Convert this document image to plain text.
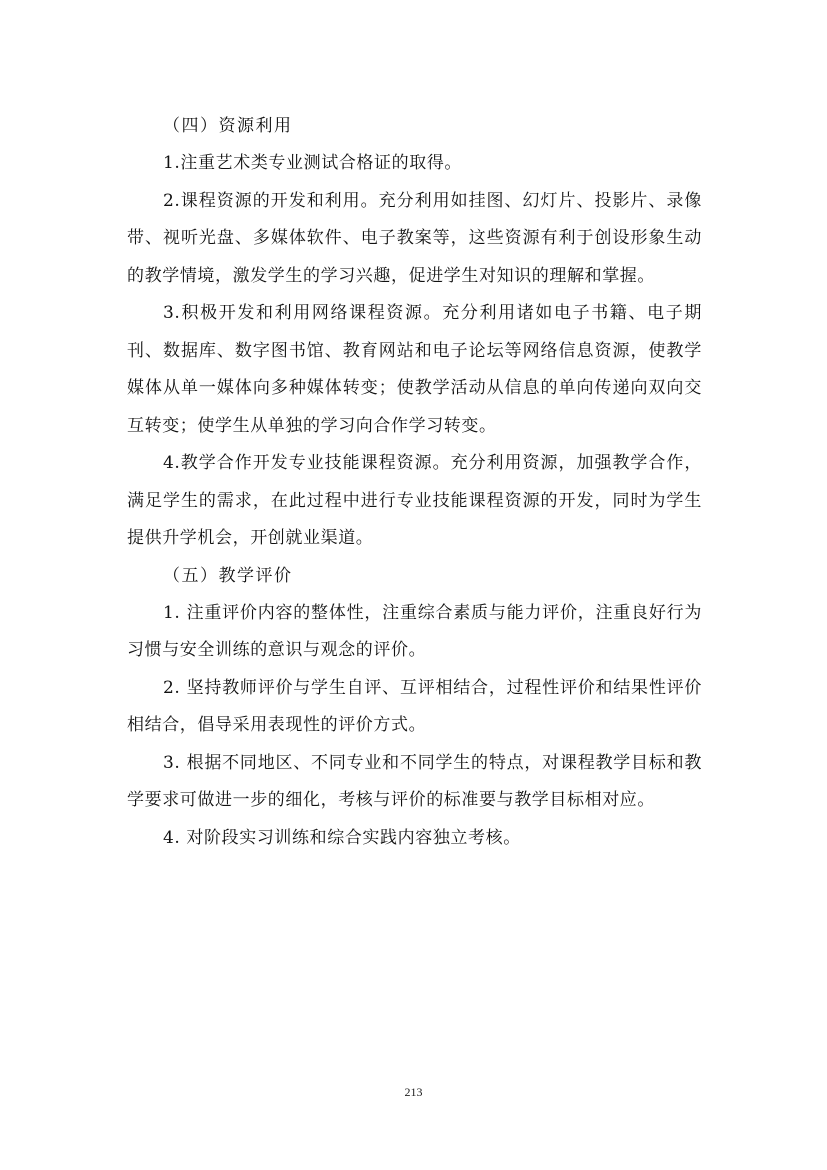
（四）资源利用

1.注重艺术类专业测试合格证的取得。

2.课程资源的开发和利用。充分利用如挂图、幻灯片、投影片、录像带、视听光盘、多媒体软件、电子教案等，这些资源有利于创设形象生动的教学情境，激发学生的学习兴趣，促进学生对知识的理解和掌握。

3.积极开发和利用网络课程资源。充分利用诸如电子书籍、电子期刊、数据库、数字图书馆、教育网站和电子论坛等网络信息资源，使教学媒体从单一媒体向多种媒体转变；使教学活动从信息的单向传递向双向交互转变；使学生从单独的学习向合作学习转变。

4.教学合作开发专业技能课程资源。充分利用资源，加强教学合作，满足学生的需求，在此过程中进行专业技能课程资源的开发，同时为学生提供升学机会，开创就业渠道。

（五）教学评价

1. 注重评价内容的整体性，注重综合素质与能力评价，注重良好行为习惯与安全训练的意识与观念的评价。

2. 坚持教师评价与学生自评、互评相结合，过程性评价和结果性评价相结合，倡导采用表现性的评价方式。

3. 根据不同地区、不同专业和不同学生的特点，对课程教学目标和教学要求可做进一步的细化，考核与评价的标准要与教学目标相对应。

4. 对阶段实习训练和综合实践内容独立考核。

213
